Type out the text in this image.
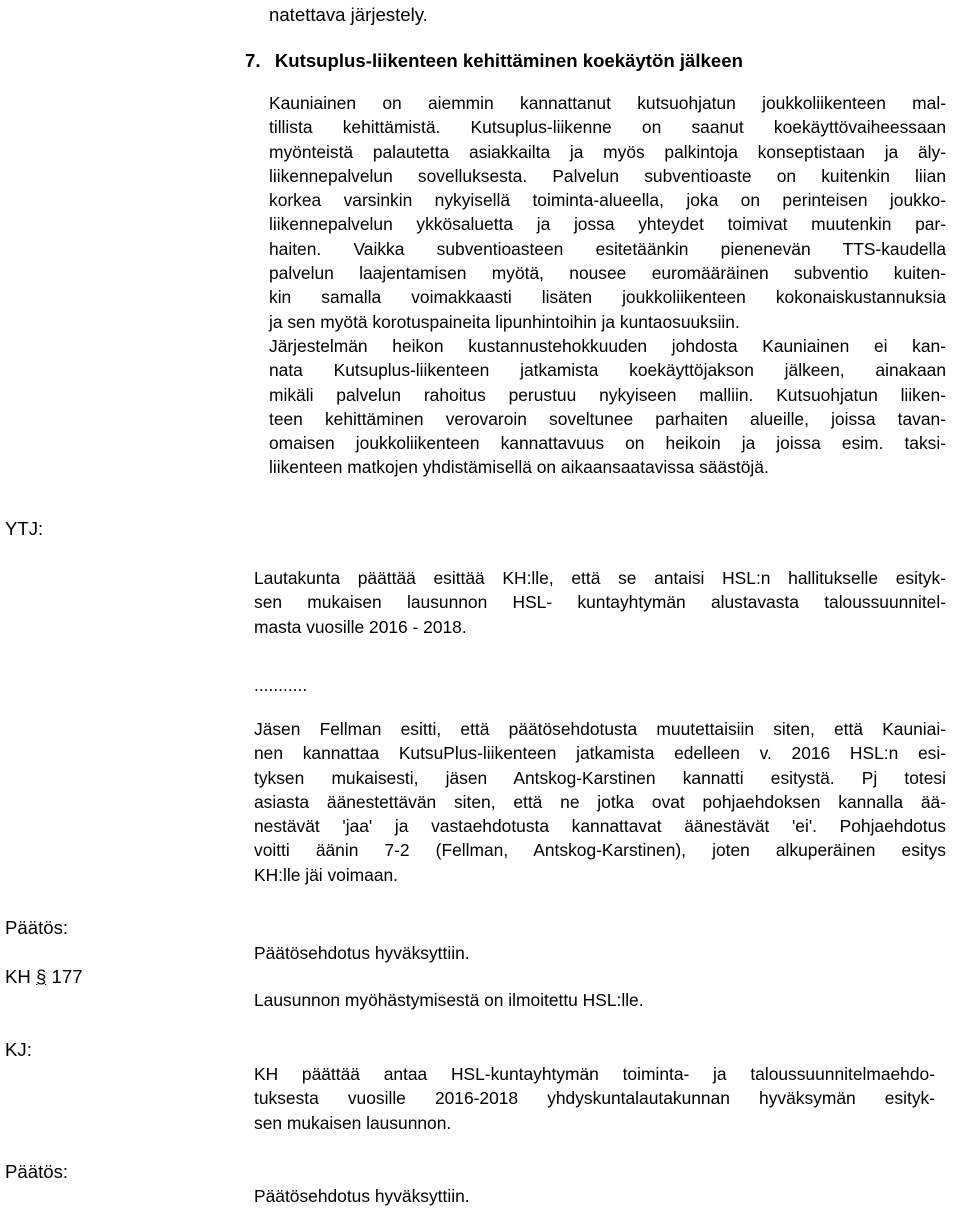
natettava järjestely.
7. Kutsuplus-liikenteen kehittäminen koekäytön jälkeen
Kauniainen on aiemmin kannattanut kutsuohjatun joukkoliikenteen mal-
tillista kehittämistä. Kutsuplus-liikenne on saanut koekäyttövaiheessaan
myönteistä palautetta asiakkailta ja myös palkintoja konseptistaan ja äly-
liikennepalvelun sovelluksesta. Palvelun subventioaste on kuitenkin liian
korkea varsinkin nykyisellä toiminta-alueella, joka on perinteisen joukko-
liikennepalvelun ykkösaluetta ja jossa yhteydet toimivat muutenkin par-
haiten. Vaikka subventioasteen esitetäänkin pienenevän TTS-kaudella
palvelun laajentamisen myötä, nousee euromääräinen subventio kuiten-
kin samalla voimakkaasti lisäten joukkoliikenteen kokonaiskustannuksia
ja sen myötä korotuspaineita lipunhintoihin ja kuntaosuuksiin.
Järjestelmän heikon kustannustehokkuuden johdosta Kauniainen ei kan-
nata Kutsuplus-liikenteen jatkamista koekäyttöjakson jälkeen, ainakaan
mikäli palvelun rahoitus perustuu nykyiseen malliin. Kutsuohjatun liiken-
teen kehittäminen verovaroin soveltunee parhaiten alueille, joissa tavan-
omaisen joukkoliikenteen kannattavuus on heikoin ja joissa esim. taksi-
liikenteen matkojen yhdistämisellä on aikaansaatavissa säästöjä.
YTJ:
Lautakunta päättää esittää KH:lle, että se antaisi HSL:n hallitukselle esityk-
sen mukaisen lausunnon HSL- kuntayhtymän alustavasta taloussuunnitel-
masta vuosille 2016 - 2018.
...........
Jäsen Fellman esitti, että päätösehdotusta muutettaisiin siten, että Kauniai-
nen kannattaa KutsuPlus-liikenteen jatkamista edelleen v. 2016 HSL:n esi-
tyksen mukaisesti, jäsen Antskog-Karstinen kannatti esitystä. Pj totesi
asiasta äänestettävän siten, että ne jotka ovat pohjaehdoksen kannalla ää-
nestävät 'jaa' ja vastaehdotusta kannattavat äänestävät 'ei'. Pohjaehdotus
voitti äänin 7-2 (Fellman, Antskog-Karstinen), joten alkuperäinen esitys
KH:lle jäi voimaan.
Päätös:
Päätösehdotus hyväksyttiin.
KH § 177
Lausunnon myöhästymisestä on ilmoitettu HSL:lle.
KJ:
KH päättää antaa HSL-kuntayhtymän toiminta- ja taloussuunnitelmaehdo-
tuksesta vuosille 2016-2018 yhdyskuntalautakunnan hyväksymän esityk-
sen mukaisen lausunnon.
Päätös:
Päätösehdotus hyväksyttiin.
